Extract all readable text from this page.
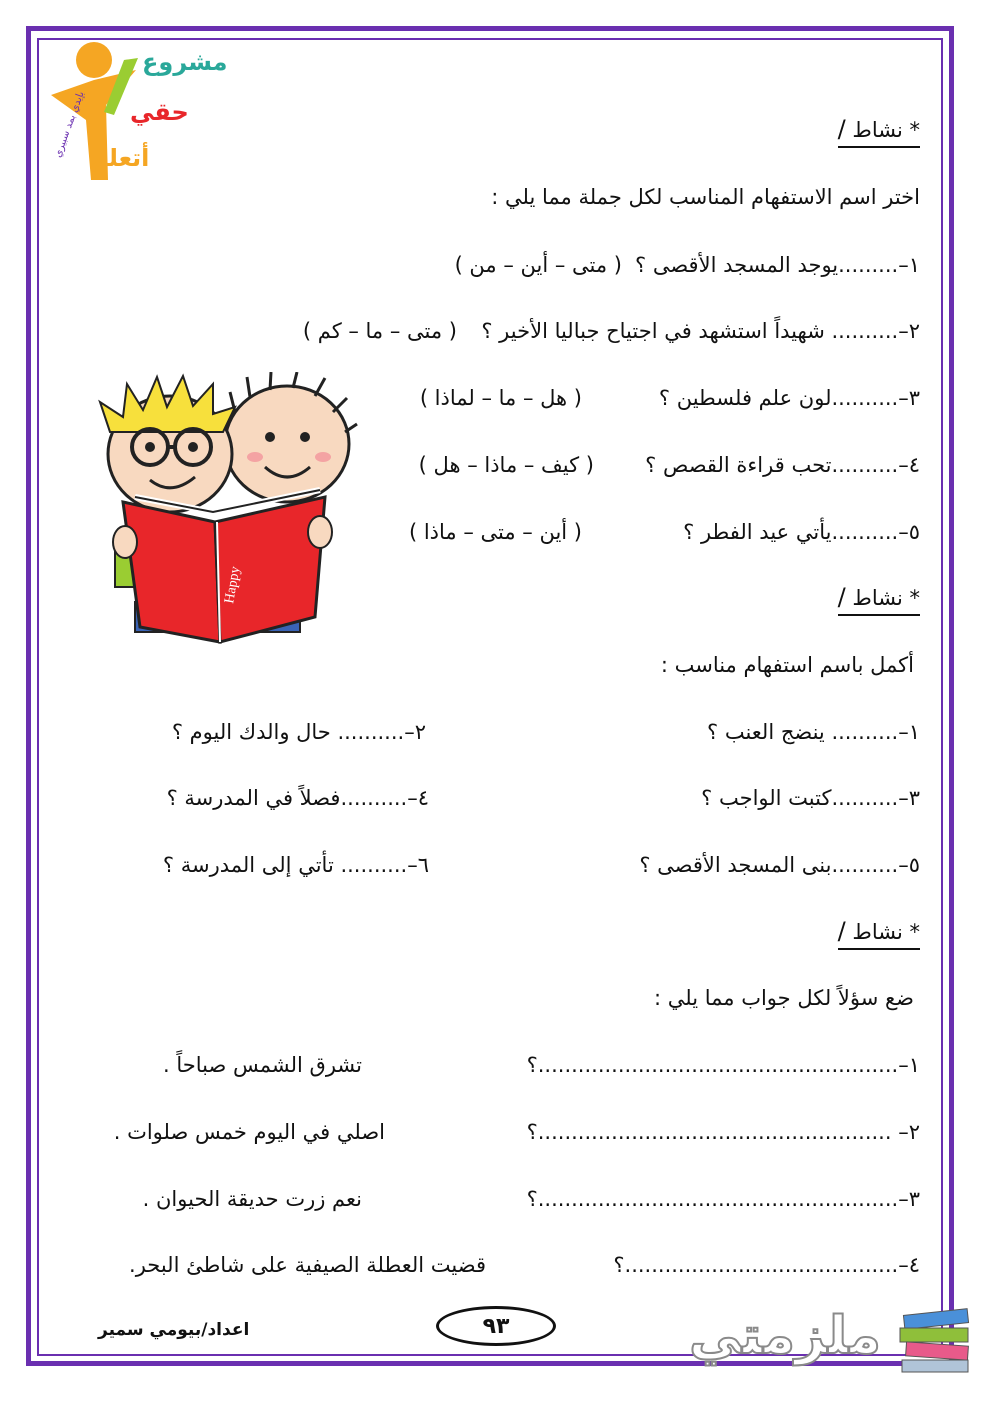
بإيدي بمد سبيري
مشروع
حقي
أتعلم
* نشاط /
اختر اسم الاستفهام المناسب لكل جملة مما يلي :
١–.........يوجد المسجد الأقصى ؟
( متى – أين – من )
٢–.......... شهيداً استشهد في اجتياح جباليا الأخير ؟
( متى – ما – كم )
٣–..........لون علم فلسطين ؟
( هل – ما – لماذا )
٤–..........تحب قراءة القصص ؟
( كيف – ماذا – هل )
٥–..........يأتي عيد الفطر ؟
( أين – متى – ماذا )
Happy	* نشاط /
أكمل باسم استفهام مناسب :
١–.......... ينضج العنب ؟
٢–.......... حال والدك اليوم ؟
٣–..........كتبت الواجب ؟
٤–..........فصلاً في المدرسة ؟
٥–..........بنى المسجد الأقصى ؟
٦–.......... تأتي إلى المدرسة ؟
* نشاط /
ضع سؤلاً لكل جواب مما يلي :
١–......................................................؟
تشرق الشمس صباحاً .
٢– .....................................................؟
اصلي في اليوم خمس صلوات .
٣–......................................................؟
نعم زرت حديقة الحيوان .
٤–.........................................؟
قضيت العطلة الصيفية على شاطئ البحر.
اعداد/بيومي سمير	٩٣	ملزمتي
